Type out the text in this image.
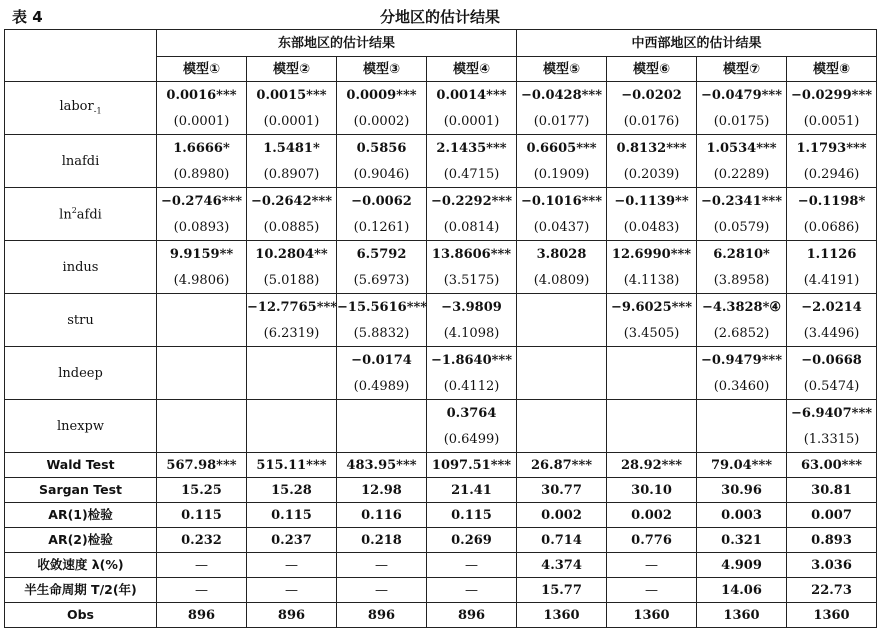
表 4	分地区的估计结果
	东部地区的估计结果				中西部地区的估计结果			
	模型①	模型②	模型③	模型④	模型⑤	模型⑥	模型⑦	模型⑧
labor$_{-1}$	0.0016***	0.0015***	0.0009***	0.0014***	−0.0428***	−0.0202	−0.0479***	−0.0299***
	(0.0001)	(0.0001)	(0.0002)	(0.0001)	(0.0177)	(0.0176)	(0.0175)	(0.0051)
lnafdi	1.6666*	1.5481*	0.5856	2.1435***	0.6605***	0.8132***	1.0534***	1.1793***
	(0.8980)	(0.8907)	(0.9046)	(0.4715)	(0.1909)	(0.2039)	(0.2289)	(0.2946)
$\ln^2afdi$	−0.2746***	−0.2642***	−0.0062	−0.2292***	−0.1016***	−0.1139**	−0.2341***	−0.1198*
	(0.0893)	(0.0885)	(0.1261)	(0.0814)	(0.0437)	(0.0483)	(0.0579)	(0.0686)
indus	9.9159**	10.2804**	6.5792	13.8606***	3.8028	12.6990***	6.2810*	1.1126
	(4.9806)	(5.0188)	(5.6973)	(3.5175)	(4.0809)	(4.1138)	(3.8958)	(4.4191)
stru		−12.7765***	−15.5616***	−3.9809		−9.6025***	−4.3828*④	−2.0214
		(6.2319)	(5.8832)	(4.1098)		(3.4505)	(2.6852)	(3.4496)
lndeep			−0.0174	−1.8640***			−0.9479***	−0.0668
			(0.4989)	(0.4112)			(0.3460)	(0.5474)
lnexpw				0.3764				−6.9407***
				(0.6499)				(1.3315)
Wald Test	567.98***	515.11***	483.95***	1097.51***	26.87***	28.92***	79.04***	63.00***
Sargan Test	15.25	15.28	12.98	21.41	30.77	30.10	30.96	30.81
AR(1)检验	0.115	0.115	0.116	0.115	0.002	0.002	0.003	0.007
AR(2)检验	0.232	0.237	0.218	0.269	0.714	0.776	0.321	0.893
收敛速度 λ(%)	—	—	—	—	4.374	—	4.909	3.036
半生命周期 T/2(年)	—	—	—	—	15.77	—	14.06	22.73
Obs	896	896	896	896	1360	1360	1360	1360
